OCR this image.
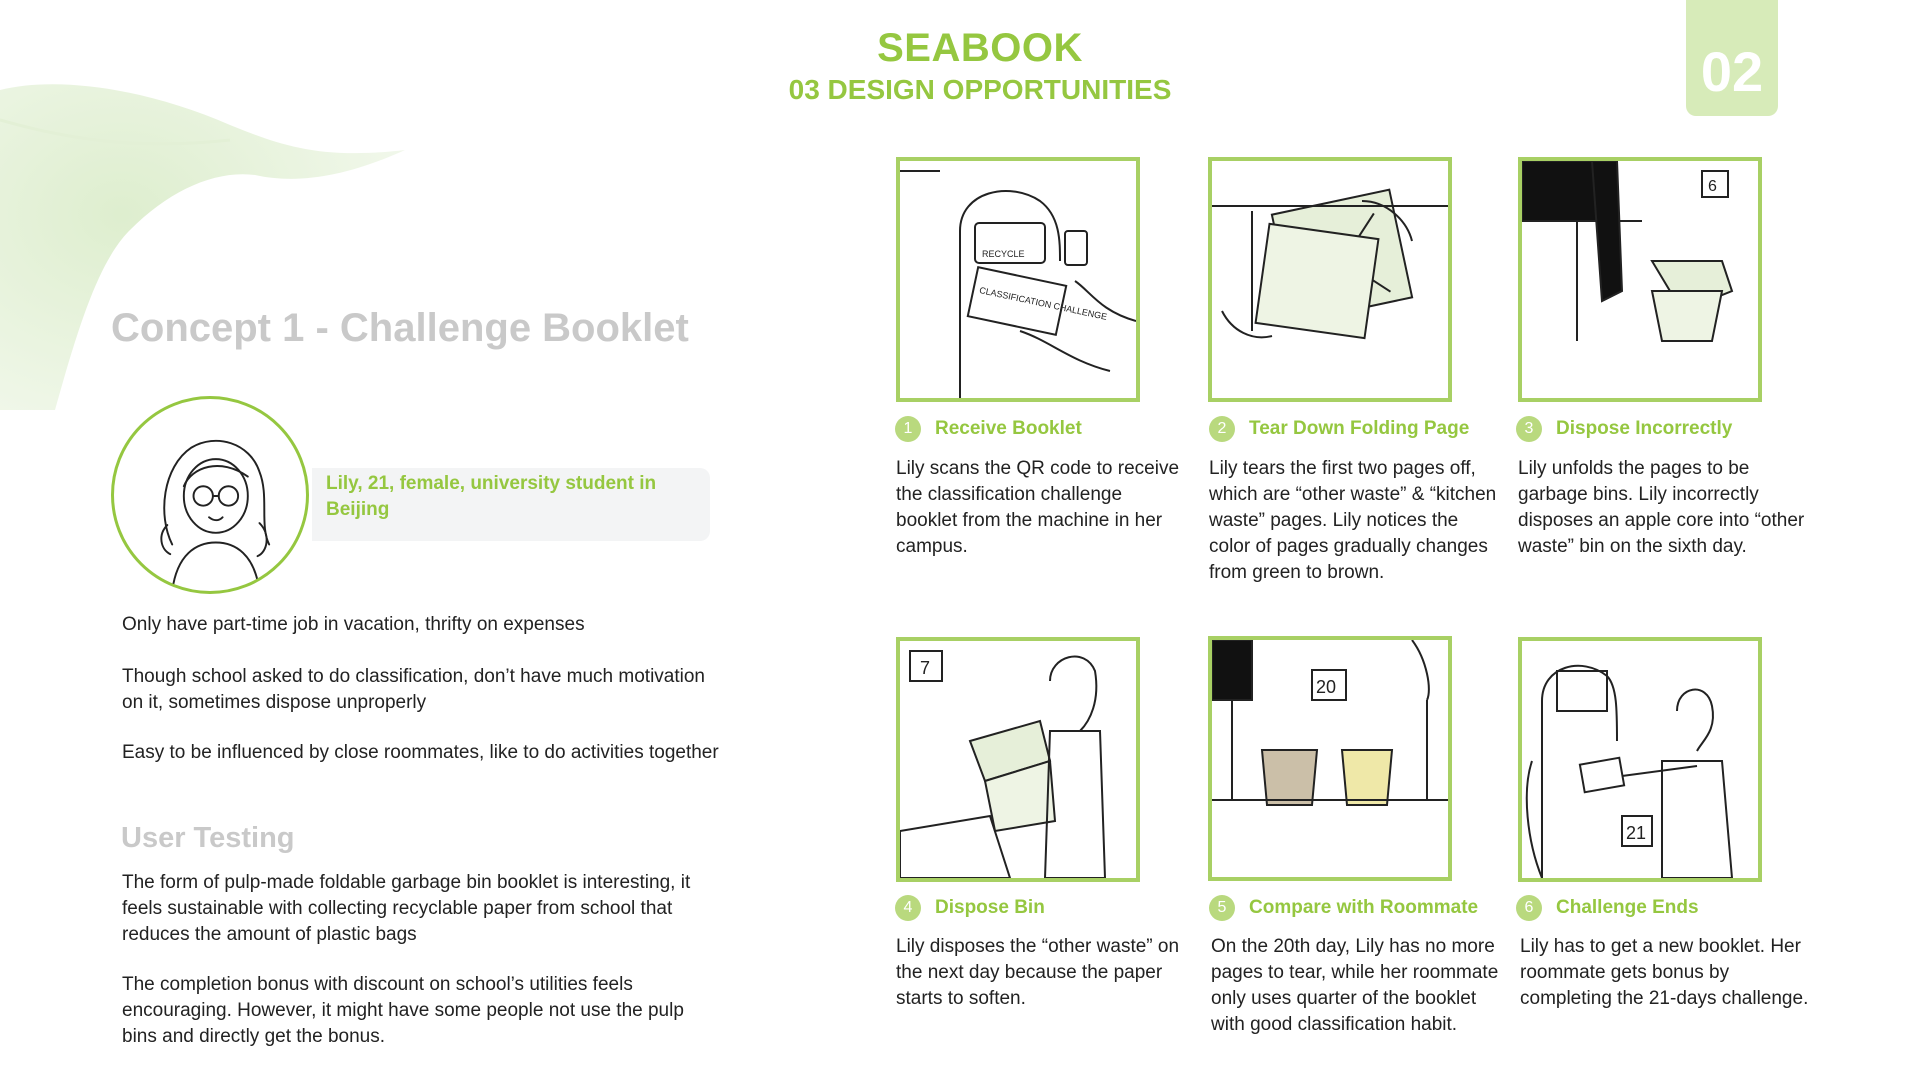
SEABOOK
03 DESIGN OPPORTUNITIES	02
Concept 1 - Challenge Booklet
Lily, 21, female, university student in Beijing
Only have part-time job in vacation, thrifty on expenses
Though school asked to do classification, don’t have much motivation on it, sometimes dispose unproperly
Easy to be influenced by close roommates, like to do activities together
User Testing
The form of pulp-made foldable garbage bin booklet is interesting, it feels sustainable with collecting recyclable paper from school that reduces the amount of plastic bags
The completion bonus with discount on school’s utilities feels encouraging. However, it might have some people not use the pulp bins and directly get the bonus.
RECYCLE
CLASSIFICATION CHALLENGE
1	Receive Booklet
Lily scans the QR code to receive the classification challenge booklet from the machine in her campus.
2	Tear Down Folding Page
Lily tears the first two pages off, which are “other waste” & “kitchen waste” pages. Lily notices the color of pages gradually changes from green to brown.
6
3	Dispose Incorrectly
Lily unfolds the pages to be garbage bins. Lily incorrectly disposes an apple core into “other waste” bin on the sixth day.
7
4	Dispose Bin
Lily disposes the “other waste” on the next day because the paper starts to soften.
20
5	Compare with Roommate
On the 20th day, Lily has no more pages to tear, while her roommate only uses quarter of the booklet with good classification habit.
21
6	Challenge Ends
Lily has to get a new booklet. Her roommate gets bonus by completing the 21-days challenge.
